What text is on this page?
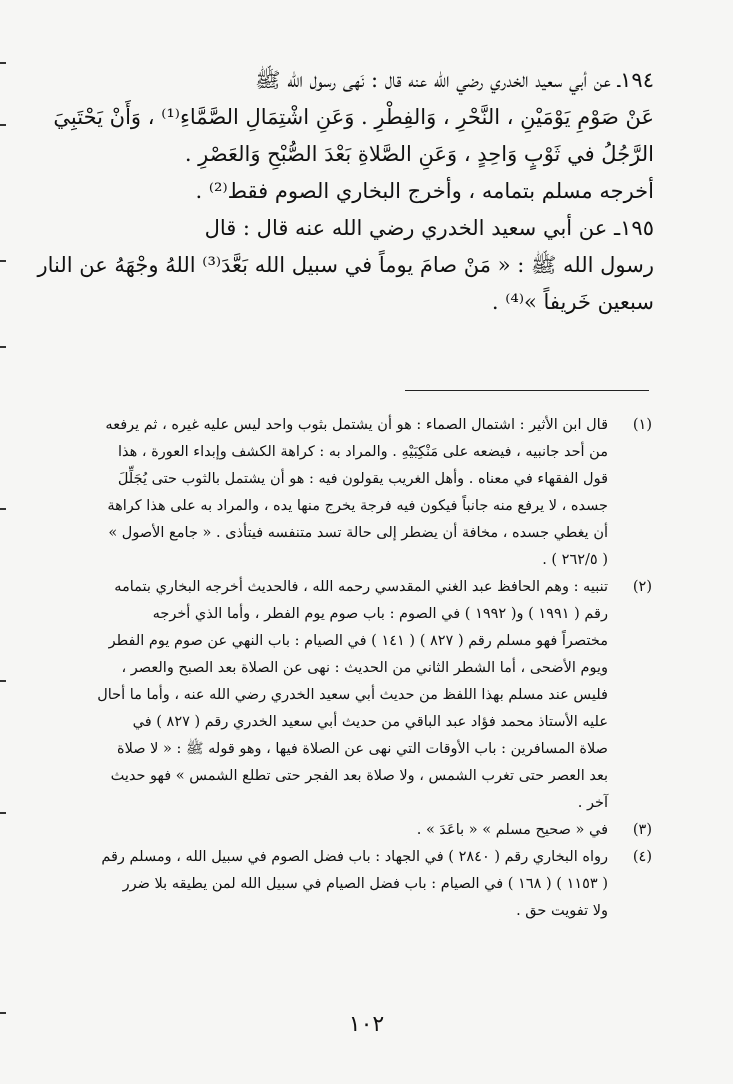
١٩٤ـ عن أبي سعيد الخدري رضي الله عنه قال : نَهى رسول الله ﷺ
عَنْ صَوْمِ يَوْمَيْنِ ، النَّحْرِ ، وَالفِطْرِ . وَعَنِ اشْتِمَالِ الصَّمَّاءِ⁽¹⁾ ، وَأَنْ يَحْتَبِيَ
الرَّجُلُ في ثَوْبٍ وَاحِدٍ ، وَعَنِ الصَّلاةِ بَعْدَ الصُّبْحِ وَالعَصْرِ .

أخرجه مسلم بتمامه ، وأخرج البخاري الصوم فقط⁽²⁾ .

١٩٥ـ عن أبي سعيد الخدري رضي الله عنه قال : قال
رسول الله ﷺ : « مَنْ صامَ يوماً في سبيل الله بَعَّدَ⁽³⁾ اللهُ وجْهَهُ عن النار
سبعين خَريفاً »⁽⁴⁾ .

(١)
قال ابن الأثير : اشتمال الصماء : هو أن يشتمل بثوب واحد ليس عليه غيره ، ثم يرفعه
من أحد جانبيه ، فيضعه على مَنْكِبَيْهِ . والمراد به : كراهة الكشف وإبداء العورة ، هذا
قول الفقهاء في معناه . وأهل الغريب يقولون فيه : هو أن يشتمل بالثوب حتى يُجَلِّلَ
جسده ، لا يرفع منه جانباً فيكون فيه فرجة يخرج منها يده ، والمراد به على هذا كراهة
أن يغطي جسده ، مخافة أن يضطر إلى حالة تسد متنفسه فيتأذى . « جامع الأصول »
( ٢٦٢/٥ ) .
(٢)
تنبيه : وهم الحافظ عبد الغني المقدسي رحمه الله ، فالحديث أخرجه البخاري بتمامه
رقم ( ١٩٩١ ) و( ١٩٩٢ ) في الصوم : باب صوم يوم الفطر ، وأما الذي أخرجه
مختصراً فهو مسلم رقم ( ٨٢٧ ) ( ١٤١ ) في الصيام : باب النهي عن صوم يوم الفطر
ويوم الأضحى ، أما الشطر الثاني من الحديث : نهى عن الصلاة بعد الصبح والعصر ،
فليس عند مسلم بهذا اللفظ من حديث أبي سعيد الخدري رضي الله عنه ، وأما ما أحال
عليه الأستاذ محمد فؤاد عبد الباقي من حديث أبي سعيد الخدري رقم ( ٨٢٧ ) في
صلاة المسافرين : باب الأوقات التي نهى عن الصلاة فيها ، وهو قوله ﷺ : « لا صلاة
بعد العصر حتى تغرب الشمس ، ولا صلاة بعد الفجر حتى تطلع الشمس » فهو حديث
آخر .
(٣)
في « صحيح مسلم » « باعَدَ » .
(٤)
رواه البخاري رقم ( ٢٨٤٠ ) في الجهاد : باب فضل الصوم في سبيل الله ، ومسلم رقم
( ١١٥٣ ) ( ١٦٨ ) في الصيام : باب فضل الصيام في سبيل الله لمن يطيقه بلا ضرر
ولا تفويت حق .
١٠٢
